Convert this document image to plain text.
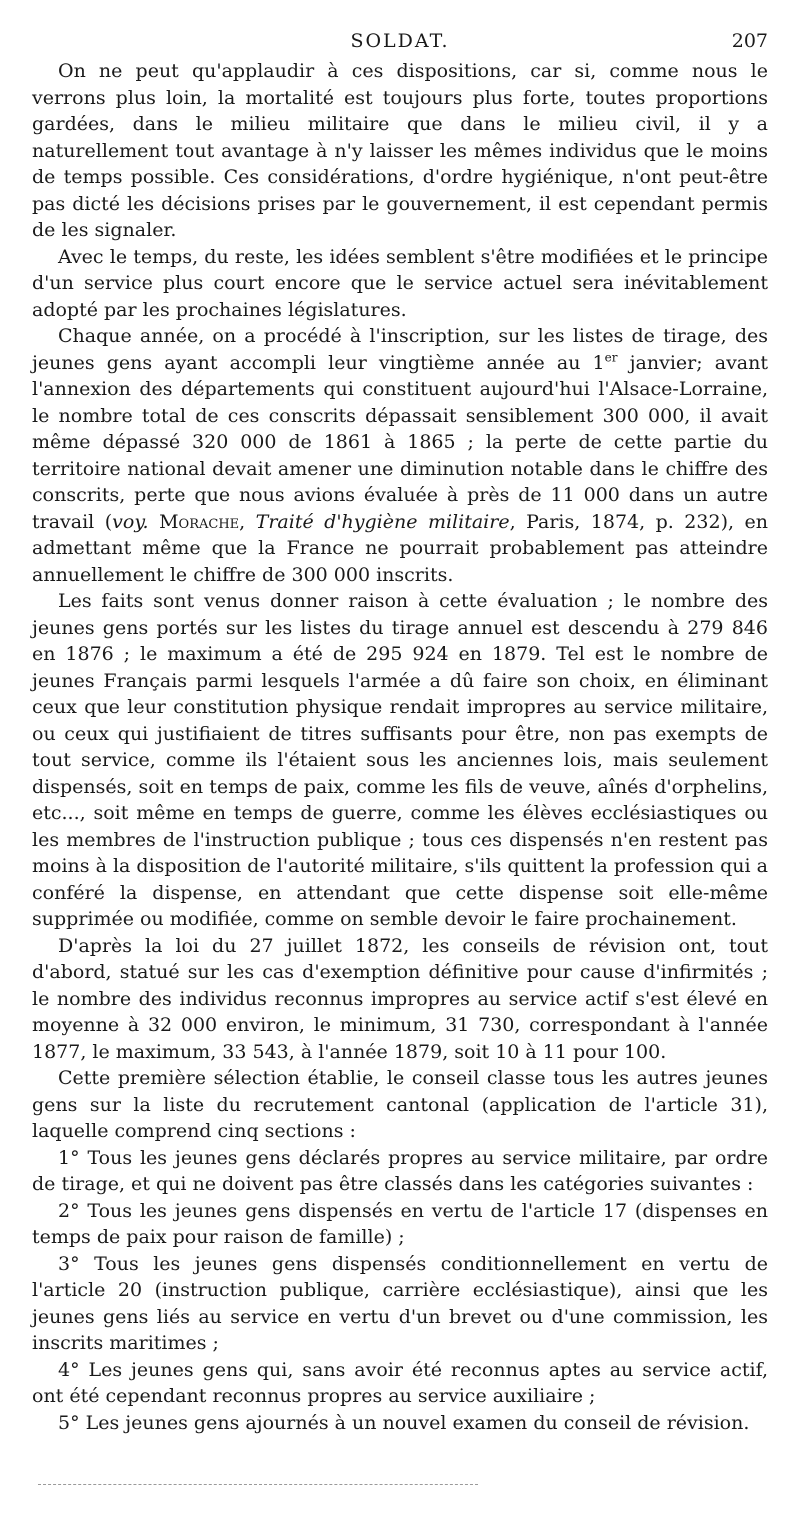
SOLDAT.	207

On ne peut qu'applaudir à ces dispositions, car si, comme nous le verrons plus loin, la mortalité est toujours plus forte, toutes proportions gardées, dans le milieu militaire que dans le milieu civil, il y a naturellement tout avantage à n'y laisser les mêmes individus que le moins de temps possible. Ces considérations, d'ordre hygiénique, n'ont peut-être pas dicté les décisions prises par le gouvernement, il est cependant permis de les signaler.

Avec le temps, du reste, les idées semblent s'être modifiées et le principe d'un service plus court encore que le service actuel sera inévitablement adopté par les prochaines législatures.

Chaque année, on a procédé à l'inscription, sur les listes de tirage, des jeunes gens ayant accompli leur vingtième année au 1er janvier; avant l'annexion des départements qui constituent aujourd'hui l'Alsace-Lorraine, le nombre total de ces conscrits dépassait sensiblement 300 000, il avait même dépassé 320 000 de 1861 à 1865 ; la perte de cette partie du territoire national devait amener une diminution notable dans le chiffre des conscrits, perte que nous avions évaluée à près de 11 000 dans un autre travail (voy. Morache, Traité d'hygiène militaire, Paris, 1874, p. 232), en admettant même que la France ne pourrait probablement pas atteindre annuellement le chiffre de 300 000 inscrits.

Les faits sont venus donner raison à cette évaluation ; le nombre des jeunes gens portés sur les listes du tirage annuel est descendu à 279 846 en 1876 ; le maximum a été de 295 924 en 1879. Tel est le nombre de jeunes Français parmi lesquels l'armée a dû faire son choix, en éliminant ceux que leur constitution physique rendait impropres au service militaire, ou ceux qui justifiaient de titres suffisants pour être, non pas exempts de tout service, comme ils l'étaient sous les anciennes lois, mais seulement dispensés, soit en temps de paix, comme les fils de veuve, aînés d'orphelins, etc..., soit même en temps de guerre, comme les élèves ecclésiastiques ou les membres de l'instruction publique ; tous ces dispensés n'en restent pas moins à la disposition de l'autorité militaire, s'ils quittent la profession qui a conféré la dispense, en attendant que cette dispense soit elle-même supprimée ou modifiée, comme on semble devoir le faire prochainement.

D'après la loi du 27 juillet 1872, les conseils de révision ont, tout d'abord, statué sur les cas d'exemption définitive pour cause d'infirmités ; le nombre des individus reconnus impropres au service actif s'est élevé en moyenne à 32 000 environ, le minimum, 31 730, correspondant à l'année 1877, le maximum, 33 543, à l'année 1879, soit 10 à 11 pour 100.

Cette première sélection établie, le conseil classe tous les autres jeunes gens sur la liste du recrutement cantonal (application de l'article 31), laquelle comprend cinq sections :

1° Tous les jeunes gens déclarés propres au service militaire, par ordre de tirage, et qui ne doivent pas être classés dans les catégories suivantes :

2° Tous les jeunes gens dispensés en vertu de l'article 17 (dispenses en temps de paix pour raison de famille) ;

3° Tous les jeunes gens dispensés conditionnellement en vertu de l'article 20 (instruction publique, carrière ecclésiastique), ainsi que les jeunes gens liés au service en vertu d'un brevet ou d'une commission, les inscrits maritimes ;

4° Les jeunes gens qui, sans avoir été reconnus aptes au service actif, ont été cependant reconnus propres au service auxiliaire ;

5° Les jeunes gens ajournés à un nouvel examen du conseil de révision.
